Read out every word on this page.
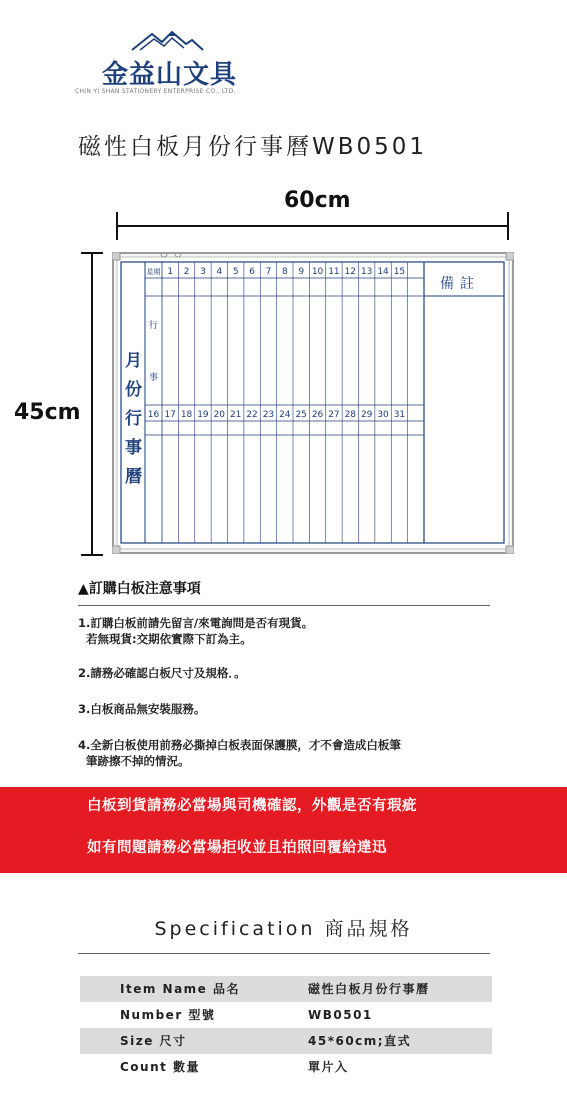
金益山文具
CHIN YI SHAN STATIONERY ENTERPRISE CO., LTD.
磁性白板月份行事曆WB0501
60cm
45cm
星期
行
事
1 2 3 4 5 6 7 8 9 10 11 12 13 14 15
16 17 18 19 20 21 22 23 24 25 26 27 28 29 30 31
月份行事曆
備註
▲訂購白板注意事項
1.訂購白板前請先留言/來電詢問是否有現貨。
若無現貨:交期依實際下訂為主。
2.請務必確認白板尺寸及規格．。
3.白板商品無安裝服務。
4.全新白板使用前務必撕掉白板表面保護膜，才不會造成白板筆
筆跡擦不掉的情況。
白板到貨請務必當場與司機確認，外觀是否有瑕疵
如有問題請務必當場拒收並且拍照回覆給達迅
Specification 商品規格
Item Name 品名	磁性白板月份行事曆
Number 型號	WB0501
Size 尺寸	45*60cm;直式
Count 數量	單片入
